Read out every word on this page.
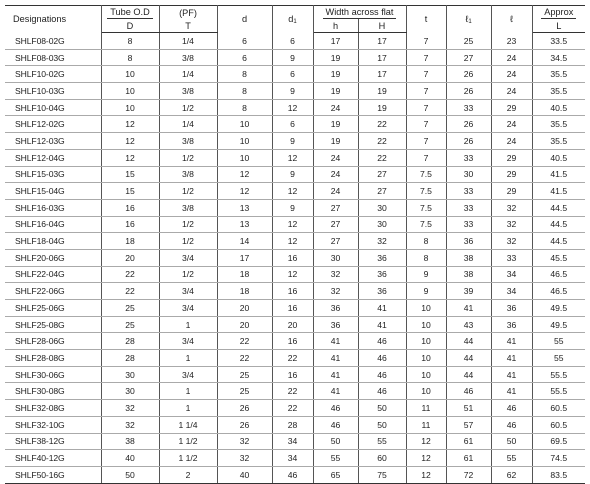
Designations	Tube O.D	(PF)	d	$d_1$	Width across flat		t	ℓ$_1$	ℓ	Approx
	D	T			h	H				L
SHLF08-02G	8	1/4	6	6	17	17	7	25	23	33.5
SHLF08-03G	8	3/8	6	9	19	17	7	27	24	34.5
SHLF10-02G	10	1/4	8	6	19	17	7	26	24	35.5
SHLF10-03G	10	3/8	8	9	19	19	7	26	24	35.5
SHLF10-04G	10	1/2	8	12	24	19	7	33	29	40.5
SHLF12-02G	12	1/4	10	6	19	22	7	26	24	35.5
SHLF12-03G	12	3/8	10	9	19	22	7	26	24	35.5
SHLF12-04G	12	1/2	10	12	24	22	7	33	29	40.5
SHLF15-03G	15	3/8	12	9	24	27	7.5	30	29	41.5
SHLF15-04G	15	1/2	12	12	24	27	7.5	33	29	41.5
SHLF16-03G	16	3/8	13	9	27	30	7.5	33	32	44.5
SHLF16-04G	16	1/2	13	12	27	30	7.5	33	32	44.5
SHLF18-04G	18	1/2	14	12	27	32	8	36	32	44.5
SHLF20-06G	20	3/4	17	16	30	36	8	38	33	45.5
SHLF22-04G	22	1/2	18	12	32	36	9	38	34	46.5
SHLF22-06G	22	3/4	18	16	32	36	9	39	34	46.5
SHLF25-06G	25	3/4	20	16	36	41	10	41	36	49.5
SHLF25-08G	25	1	20	20	36	41	10	43	36	49.5
SHLF28-06G	28	3/4	22	16	41	46	10	44	41	55
SHLF28-08G	28	1	22	22	41	46	10	44	41	55
SHLF30-06G	30	3/4	25	16	41	46	10	44	41	55.5
SHLF30-08G	30	1	25	22	41	46	10	46	41	55.5
SHLF32-08G	32	1	26	22	46	50	11	51	46	60.5
SHLF32-10G	32	1 1/4	26	28	46	50	11	57	46	60.5
SHLF38-12G	38	1 1/2	32	34	50	55	12	61	50	69.5
SHLF40-12G	40	1 1/2	32	34	55	60	12	61	55	74.5
SHLF50-16G	50	2	40	46	65	75	12	72	62	83.5
